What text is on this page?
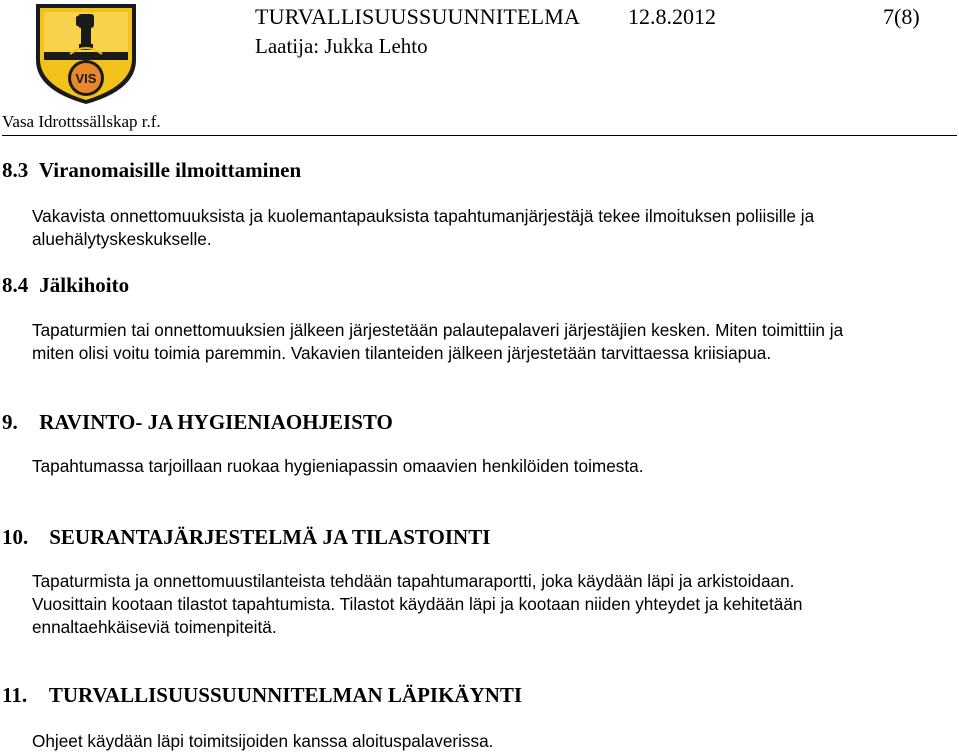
VIS
TURVALLISUUSSUUNNITELMA 12.8.2012	7(8)
Laatija: Jukka Lehto
Vasa Idrottssällskap r.f.
8.3 Viranomaisille ilmoittaminen
Vakavista onnettomuuksista ja kuolemantapauksista tapahtumanjärjestäjä tekee ilmoituksen poliisille ja
aluehälytyskeskukselle.
8.4 Jälkihoito
Tapaturmien tai onnettomuuksien jälkeen järjestetään palautepalaveri järjestäjien kesken. Miten toimittiin ja
miten olisi voitu toimia paremmin. Vakavien tilanteiden jälkeen järjestetään tarvittaessa kriisiapua.
9. RAVINTO- JA HYGIENIAOHJEISTO
Tapahtumassa tarjoillaan ruokaa hygieniapassin omaavien henkilöiden toimesta.
10. SEURANTAJÄRJESTELMÄ JA TILASTOINTI
Tapaturmista ja onnettomuustilanteista tehdään tapahtumaraportti, joka käydään läpi ja arkistoidaan.
Vuosittain kootaan tilastot tapahtumista. Tilastot käydään läpi ja kootaan niiden yhteydet ja kehitetään
ennaltaehkäiseviä toimenpiteitä.
11. TURVALLISUUSSUUNNITELMAN LÄPIKÄYNTI
Ohjeet käydään läpi toimitsijoiden kanssa aloituspalaverissa.
